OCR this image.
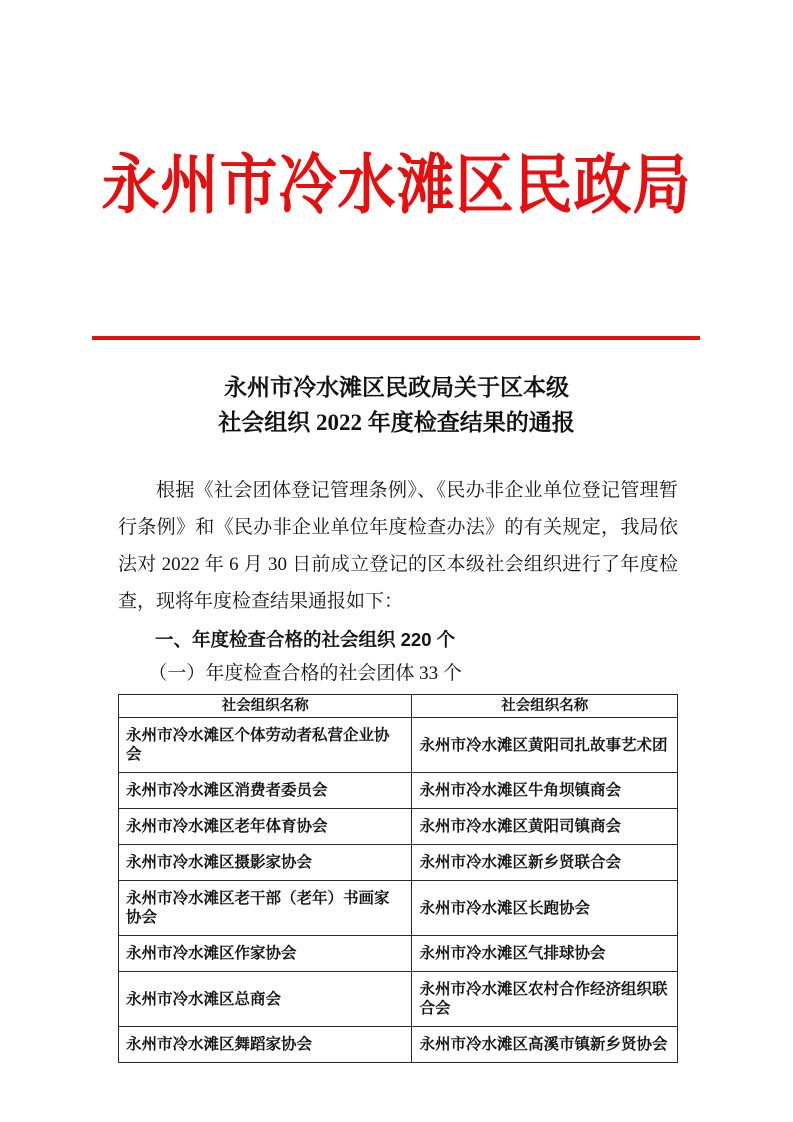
永州市冷水滩区民政局
永州市冷水滩区民政局关于区本级
社会组织 2022 年度检查结果的通报

根据《社会团体登记管理条例》、《民办非企业单位登记管理暂行条例》和《民办非企业单位年度检查办法》的有关规定，我局依法对 2022 年 6 月 30 日前成立登记的区本级社会组织进行了年度检查，现将年度检查结果通报如下：

一、年度检查合格的社会组织 220 个

（一）年度检查合格的社会团体 33 个

社会组织名称	社会组织名称
永州市冷水滩区个体劳动者私营企业协会	永州市冷水滩区黄阳司扎故事艺术团
永州市冷水滩区消费者委员会	永州市冷水滩区牛角坝镇商会
永州市冷水滩区老年体育协会	永州市冷水滩区黄阳司镇商会
永州市冷水滩区摄影家协会	永州市冷水滩区新乡贤联合会
永州市冷水滩区老干部（老年）书画家协会	永州市冷水滩区长跑协会
永州市冷水滩区作家协会	永州市冷水滩区气排球协会
永州市冷水滩区总商会	永州市冷水滩区农村合作经济组织联合会
永州市冷水滩区舞蹈家协会	永州市冷水滩区高溪市镇新乡贤协会
